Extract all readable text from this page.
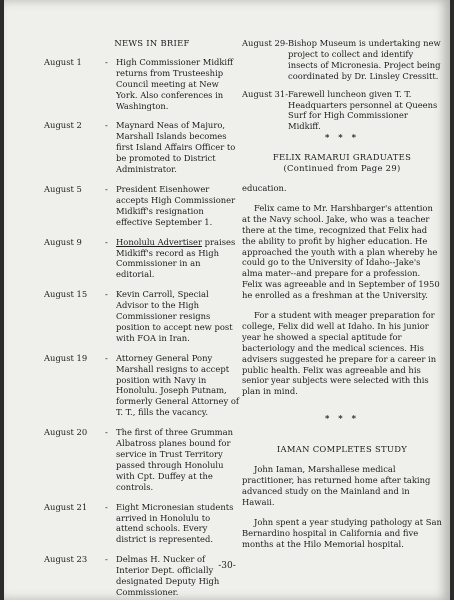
NEWS IN BRIEF
August 1	- High Commissioner Midkiff returns from Trusteeship Council meeting at New York. Also conferences in Washington.
August 2	- Maynard Neas of Majuro, Marshall Islands becomes first Island Affairs Officer to be promoted to District Administrator.
August 5	- President Eisenhower accepts High Commissioner Midkiff's resignation effective September 1.
August 9	- Honolulu Advertiser praises Midkiff's record as High Commissioner in an editorial.
August 15	- Kevin Carroll, Special Advisor to the High Commissioner resigns position to accept new post with FOA in Iran.
August 19	- Attorney General Pony Marshall resigns to accept position with Navy in Honolulu. Joseph Putnam, formerly General Attorney of T. T., fills the vacancy.
August 20	- The first of three Grumman Albatross planes bound for service in Trust Territory passed through Honolulu with Cpt. Duffey at the controls.
August 21	- Eight Micronesian students arrived in Honolulu to attend schools. Every district is represented.
August 23	- Delmas H. Nucker of Interior Dept. officially designated Deputy High Commissioner.
August 29 - Bishop Museum is undertaking new project to collect and identify insects of Micronesia. Project being coordinated by Dr. Linsley Cressitt.
August 31 - Farewell luncheon given T. T. Headquarters personnel at Queens Surf for High Commissioner Midkiff.
* * *
FELIX RAMARUI GRADUATES
(Continued from Page 29)

education.

Felix came to Mr. Harshbarger's attention at the Navy school. Jake, who was a teacher there at the time, recognized that Felix had the ability to profit by higher education. He approached the youth with a plan whereby he could go to the University of Idaho--Jake's alma mater--and prepare for a profession. Felix was agreeable and in September of 1950 he enrolled as a freshman at the University.

For a student with meager preparation for college, Felix did well at Idaho. In his junior year he showed a special aptitude for bacteriology and the medical sciences. His advisers suggested he prepare for a career in public health. Felix was agreeable and his senior year subjects were selected with this plan in mind.

* * *
IAMAN COMPLETES STUDY

John Iaman, Marshallese medical practitioner, has returned home after taking advanced study on the Mainland and in Hawaii.

John spent a year studying pathology at San Bernardino hospital in California and five months at the Hilo Memorial hospital.

-30-
